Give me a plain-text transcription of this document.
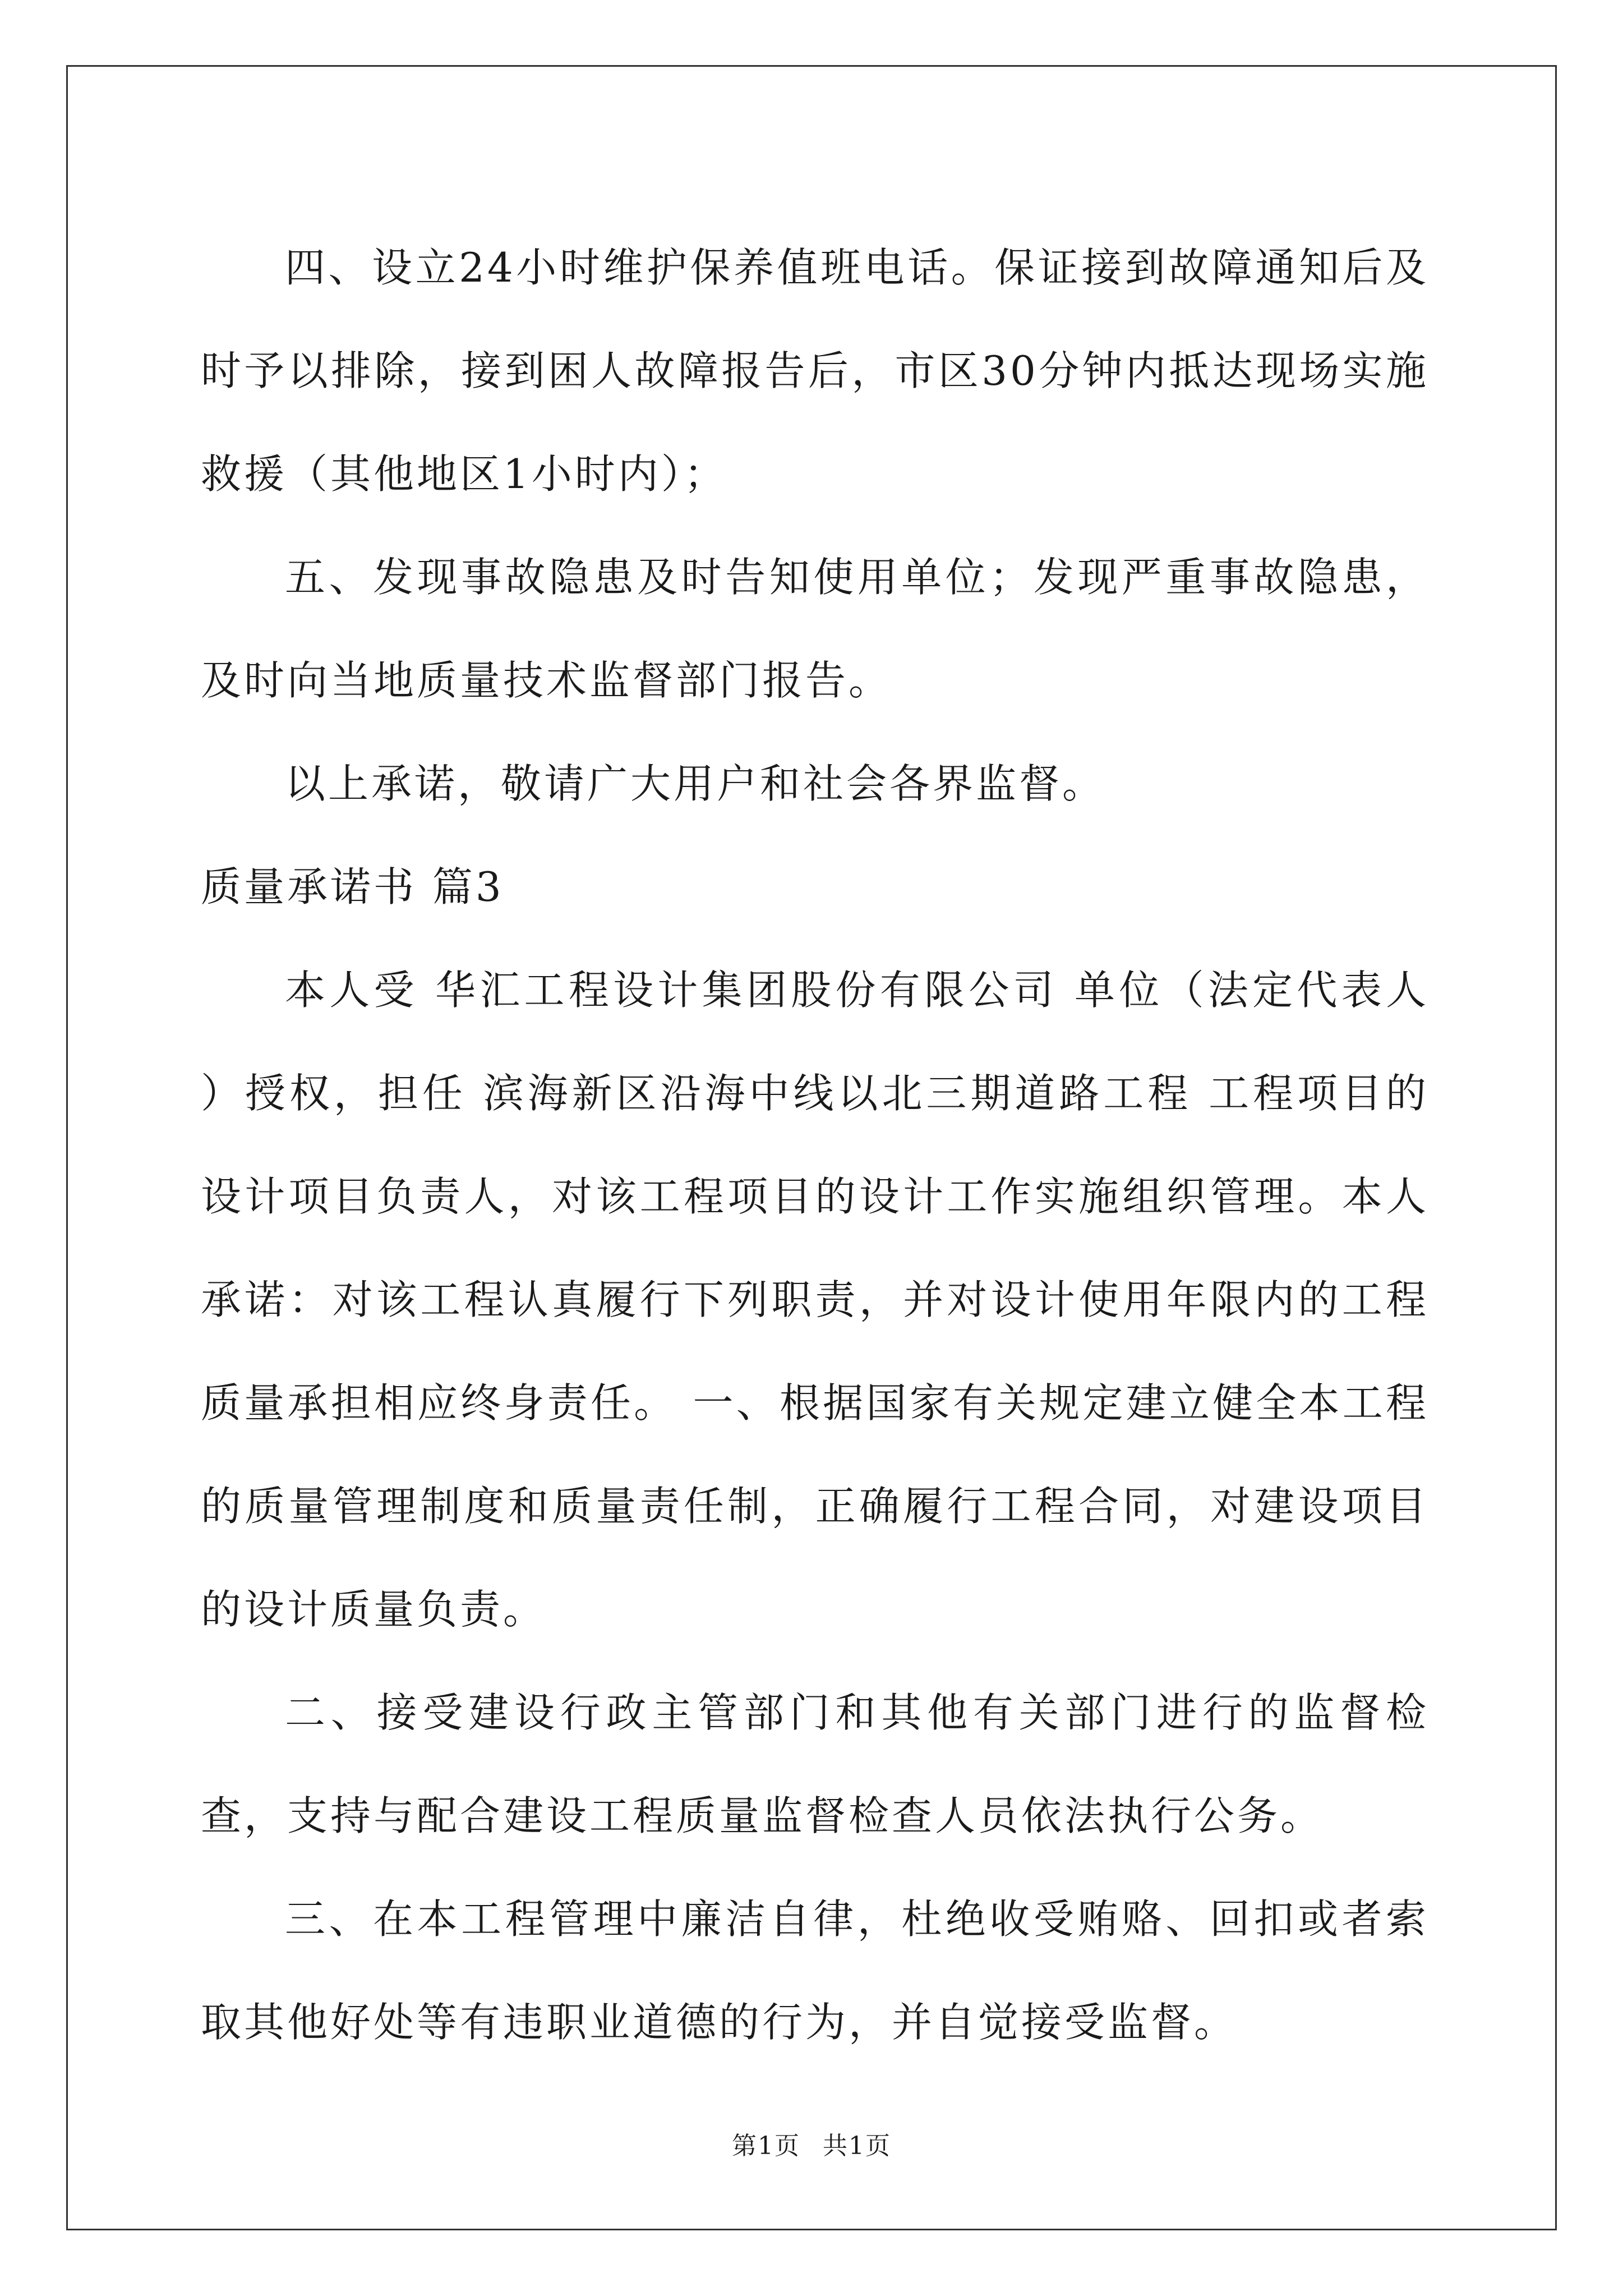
四、设立24小时维护保养值班电话。保证接到故障通知后及时予以排除，接到困人故障报告后，市区30分钟内抵达现场实施救援（其他地区1小时内）；

五、发现事故隐患及时告知使用单位；发现严重事故隐患，及时向当地质量技术监督部门报告。

以上承诺，敬请广大用户和社会各界监督。

质量承诺书 篇3

本人受 华汇工程设计集团股份有限公司 单位（法定代表人 ）授权，担任 滨海新区沿海中线以北三期道路工程 工程项目的设计项目负责人，对该工程项目的设计工作实施组织管理。本人承诺：对该工程认真履行下列职责，并对设计使用年限内的工程质量承担相应终身责任。 一、根据国家有关规定建立健全本工程的质量管理制度和质量责任制，正确履行工程合同，对建设项目的设计质量负责。

二、接受建设行政主管部门和其他有关部门进行的监督检查，支持与配合建设工程质量监督检查人员依法执行公务。

三、在本工程管理中廉洁自律，杜绝收受贿赂、回扣或者索取其他好处等有违职业道德的行为，并自觉接受监督。

第1页 共1页
